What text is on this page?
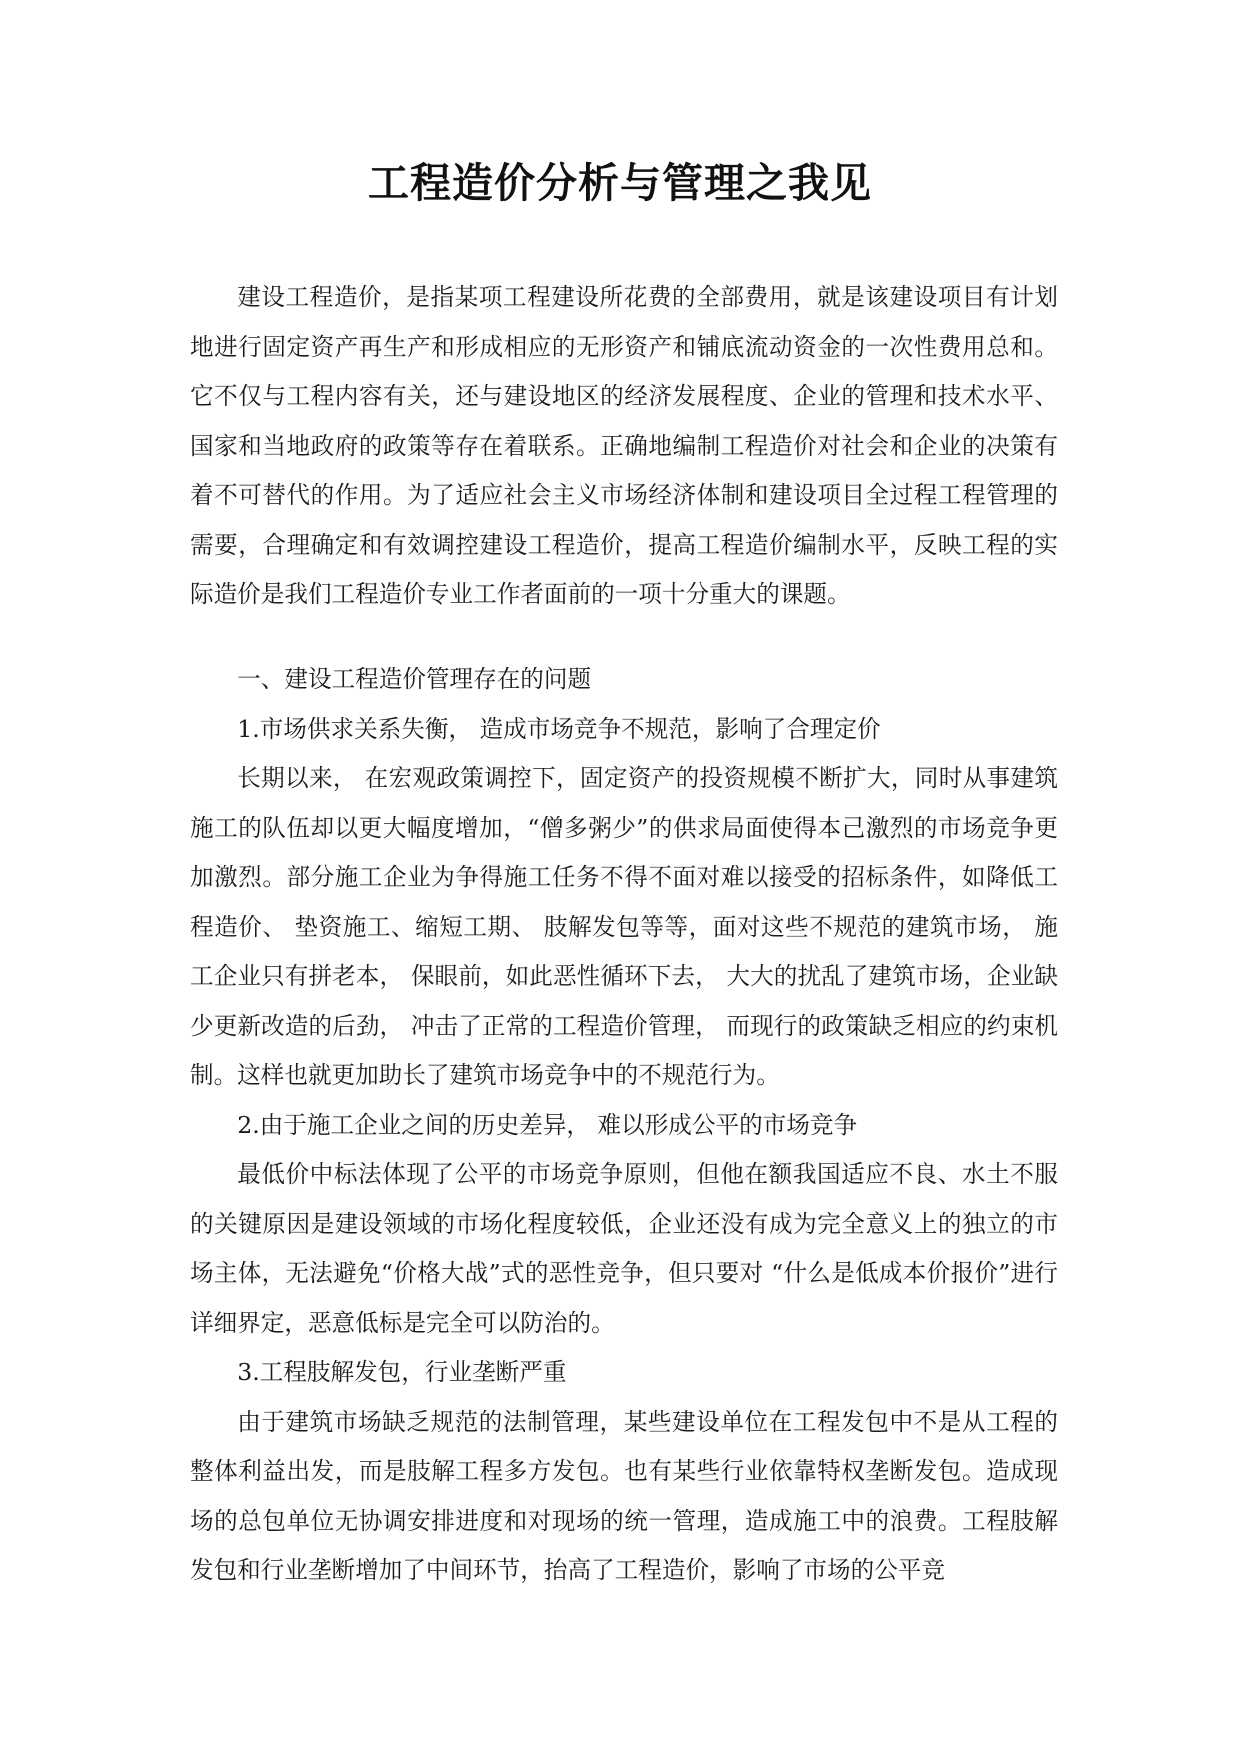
工程造价分析与管理之我见

建设工程造价，是指某项工程建设所花费的全部费用，就是该建设项目有计划地进行固定资产再生产和形成相应的无形资产和铺底流动资金的一次性费用总和。它不仅与工程内容有关，还与建设地区的经济发展程度、企业的管理和技术水平、国家和当地政府的政策等存在着联系。正确地编制工程造价对社会和企业的决策有着不可替代的作用。为了适应社会主义市场经济体制和建设项目全过程工程管理的需要，合理确定和有效调控建设工程造价，提高工程造价编制水平，反映工程的实际造价是我们工程造价专业工作者面前的一项十分重大的课题。

一、建设工程造价管理存在的问题

1.市场供求关系失衡， 造成市场竞争不规范，影响了合理定价

长期以来， 在宏观政策调控下，固定资产的投资规模不断扩大，同时从事建筑施工的队伍却以更大幅度增加，“僧多粥少”的供求局面使得本己激烈的市场竞争更加激烈。部分施工企业为争得施工任务不得不面对难以接受的招标条件，如降低工程造价、 垫资施工、缩短工期、 肢解发包等等，面对这些不规范的建筑市场， 施工企业只有拼老本， 保眼前，如此恶性循环下去， 大大的扰乱了建筑市场，企业缺少更新改造的后劲， 冲击了正常的工程造价管理， 而现行的政策缺乏相应的约束机制。这样也就更加助长了建筑市场竞争中的不规范行为。

2.由于施工企业之间的历史差异， 难以形成公平的市场竞争

最低价中标法体现了公平的市场竞争原则，但他在额我国适应不良、水土不服的关键原因是建设领域的市场化程度较低，企业还没有成为完全意义上的独立的市场主体，无法避免“价格大战”式的恶性竞争，但只要对 “什么是低成本价报价”进行详细界定，恶意低标是完全可以防治的。

3.工程肢解发包，行业垄断严重

由于建筑市场缺乏规范的法制管理，某些建设单位在工程发包中不是从工程的整体利益出发，而是肢解工程多方发包。也有某些行业依靠特权垄断发包。造成现场的总包单位无协调安排进度和对现场的统一管理，造成施工中的浪费。工程肢解发包和行业垄断增加了中间环节，抬高了工程造价，影响了市场的公平竞
